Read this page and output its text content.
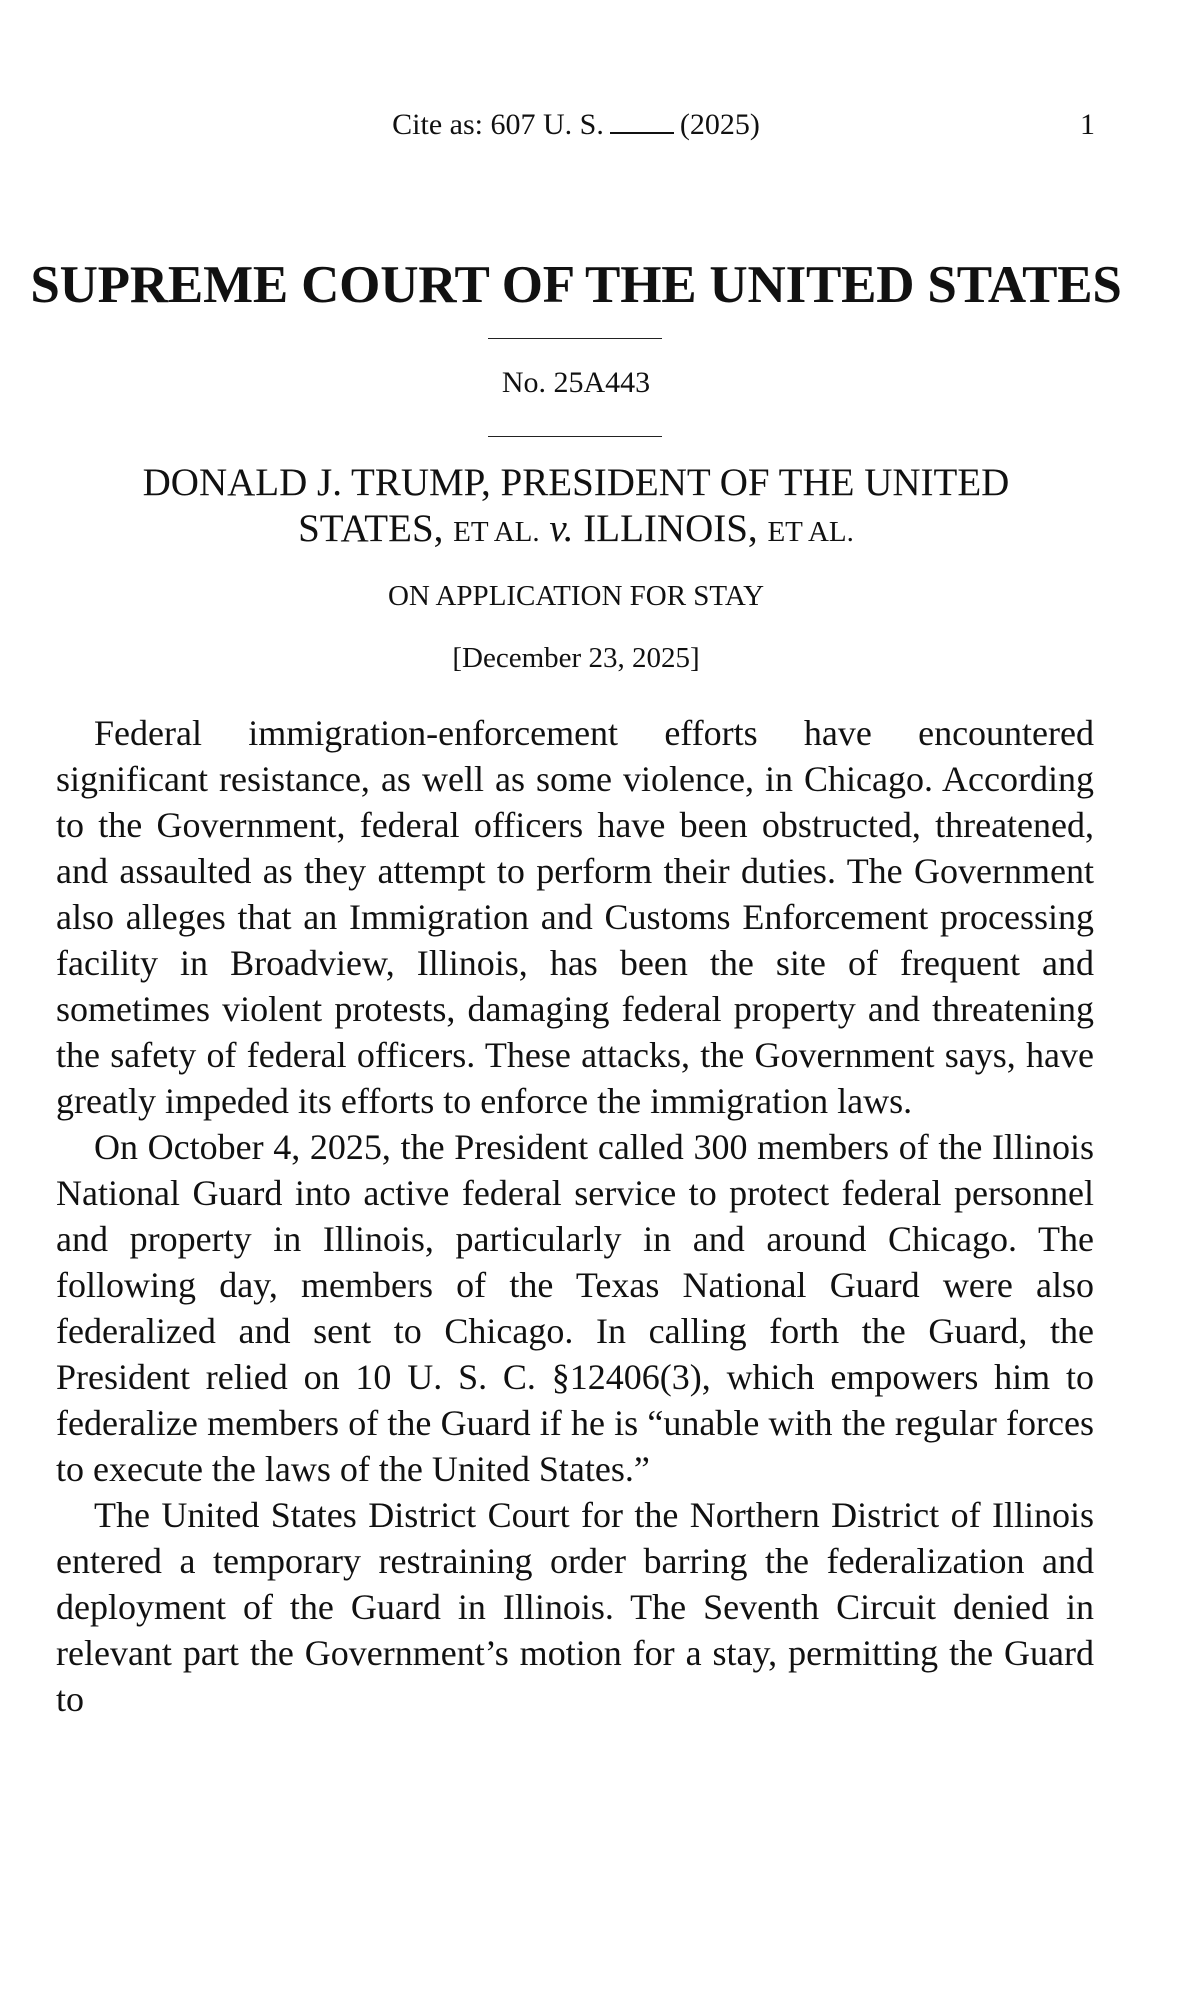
Cite as: 607 U. S.	(2025)	1
SUPREME COURT OF THE UNITED STATES
No. 25A443
DONALD J. TRUMP, PRESIDENT OF THE UNITED
STATES, ET AL. v. ILLINOIS, ET AL.
ON APPLICATION FOR STAY
[December 23, 2025]

Federal immigration-enforcement efforts have encountered significant resistance, as well as some violence, in Chicago. According to the Government, federal officers have been obstructed, threatened, and assaulted as they attempt to perform their duties. The Government also alleges that an Immigration and Customs Enforcement processing facility in Broadview, Illinois, has been the site of frequent and sometimes violent protests, damaging federal property and threatening the safety of federal officers. These attacks, the Government says, have greatly impeded its efforts to enforce the immigration laws.

On October 4, 2025, the President called 300 members of the Illinois National Guard into active federal service to protect federal personnel and property in Illinois, particularly in and around Chicago. The following day, members of the Texas National Guard were also federalized and sent to Chicago. In calling forth the Guard, the President relied on 10 U. S. C. §12406(3), which empowers him to federalize members of the Guard if he is “unable with the regular forces to execute the laws of the United States.”

The United States District Court for the Northern District of Illinois entered a temporary restraining order barring the federalization and deployment of the Guard in Illinois. The Seventh Circuit denied in relevant part the Government’s motion for a stay, permitting the Guard to
